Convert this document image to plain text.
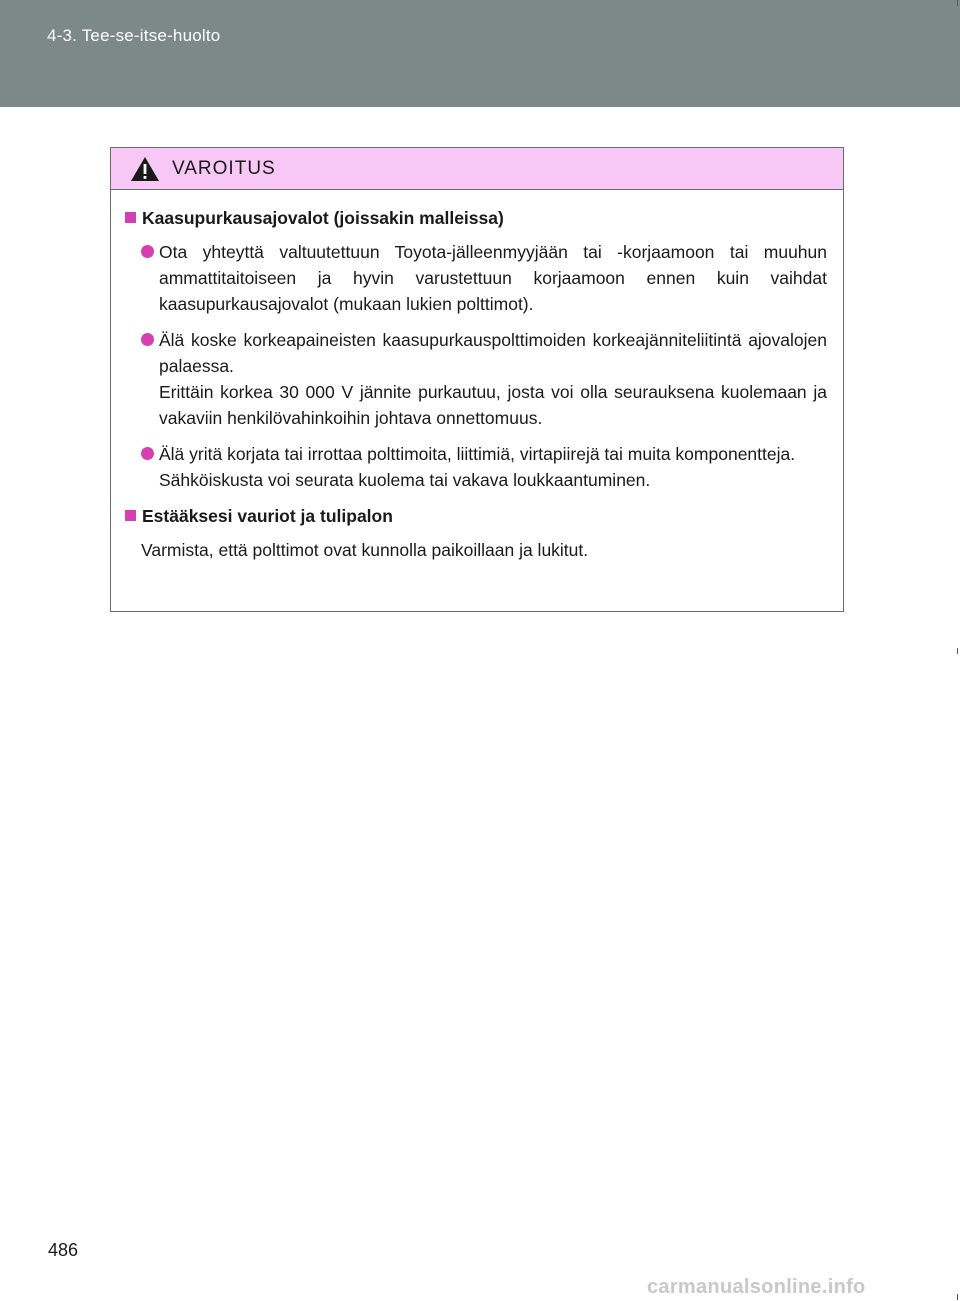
4-3. Tee-se-itse-huolto
VAROITUS
Kaasupurkausajovalot (joissakin malleissa)
Ota yhteyttä valtuutettuun Toyota-jälleenmyyjään tai -korjaamoon tai muuhun ammattitaitoiseen ja hyvin varustettuun korjaamoon ennen kuin vaihdat kaasupurkausajovalot (mukaan lukien polttimot).
Älä koske korkeapaineisten kaasupurkauspolttimoiden korkeajänniteliitintä ajovalojen palaessa.
Erittäin korkea 30 000 V jännite purkautuu, josta voi olla seurauksena kuolemaan ja vakaviin henkilövahinkoihin johtava onnettomuus.
Älä yritä korjata tai irrottaa polttimoita, liittimiä, virtapiirejä tai muita komponentteja.
Sähköiskusta voi seurata kuolema tai vakava loukkaantuminen.
Estääksesi vauriot ja tulipalon
Varmista, että polttimot ovat kunnolla paikoillaan ja lukitut.
486
carmanualsonline.info
